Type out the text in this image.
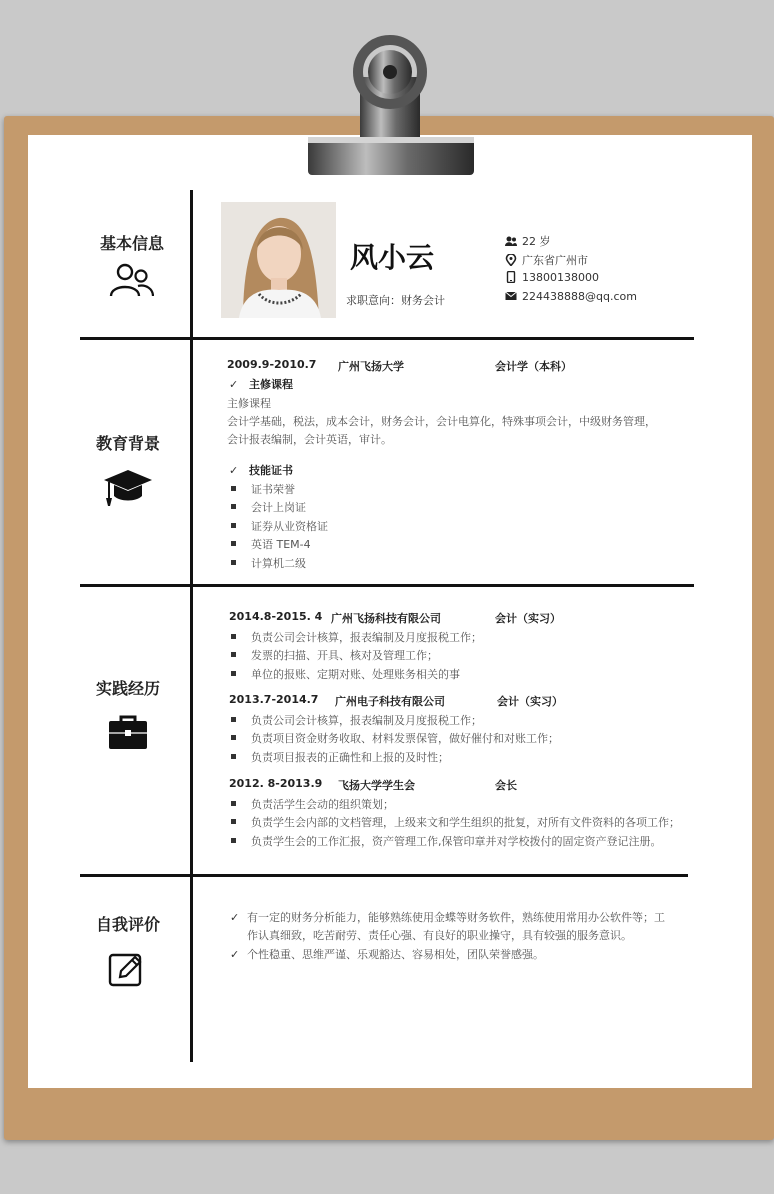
基本信息	风小云
求职意向：财务会计
22 岁
广东省广州市
13800138000
224438888@qq.com
教育背景
2009.9-2010.7 广州飞扬大学	会计学（本科）
✓ 主修课程
主修课程
会计学基础，税法，成本会计，财务会计，会计电算化，特殊事项会计，中级财务管理，
会计报表编制，会计英语，审计。
✓ 技能证书
证书荣誉
会计上岗证
证券从业资格证
英语 TEM-4
计算机二级
实践经历
2014.8-2015. 4 广州飞扬科技有限公司	会计（实习）
负责公司会计核算，报表编制及月度报税工作；
发票的扫描、开具、核对及管理工作；
单位的报账、定期对账、处理账务相关的事
2013.7-2014.7 广州电子科技有限公司	会计（实习）
负责公司会计核算，报表编制及月度报税工作；
负责项目资金财务收取、材料发票保管，做好催付和对账工作；
负责项目报表的正确性和上报的及时性；
2012. 8-2013.9 飞扬大学学生会	会长
负责活学生会动的组织策划；
负责学生会内部的文档管理，上级来文和学生组织的批复，对所有文件资料的各项工作；
负责学生会的工作汇报，资产管理工作,保管印章并对学校拨付的固定资产登记注册。
自我评价	✓ 有一定的财务分析能力，能够熟练使用金蝶等财务软件，熟练使用常用办公软件等；工
作认真细致，吃苦耐劳、责任心强、有良好的职业操守，具有较强的服务意识。
✓ 个性稳重、思维严谨、乐观豁达、容易相处，团队荣誉感强。
